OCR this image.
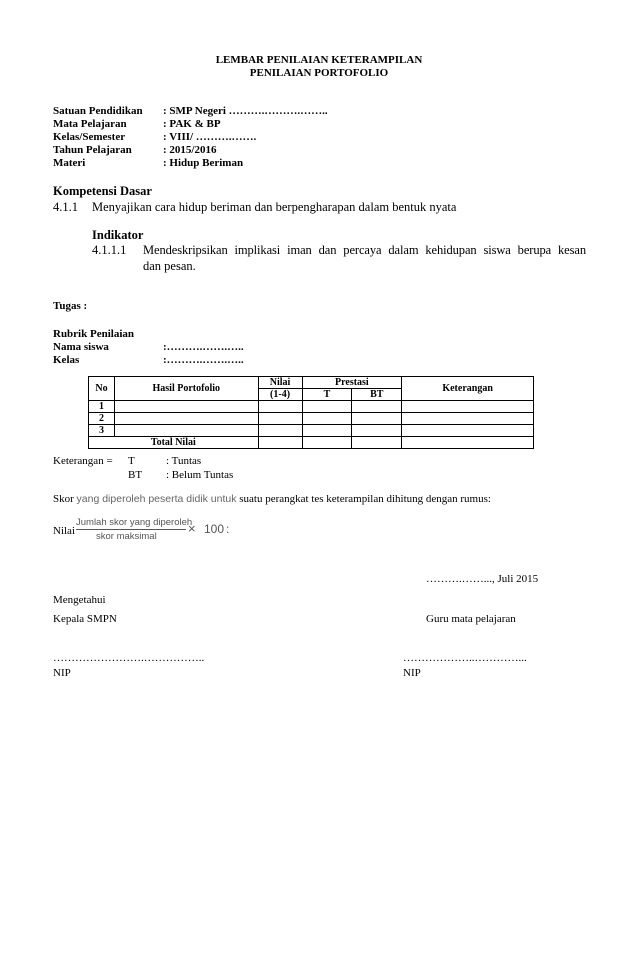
LEMBAR PENILAIAN KETERAMPILAN
PENILAIAN PORTOFOLIO
Satuan Pendidikan : SMP Negeri ……….……….……..
Mata Pelajaran	: PAK & BP
Kelas/Semester	: VIII/ ……….…….
Tahun Pelajaran	: 2015/2016
Materi	: Hidup Beriman
Kompetensi Dasar
4.1.1 Menyajikan cara hidup beriman dan berpengharapan dalam bentuk nyata
Indikator
4.1.1.1 Mendeskripsikan implikasi iman dan percaya dalam kehidupan siswa berupa kesan
dan pesan.
Tugas :
Rubrik Penilaian
Nama siswa	:……….…….…..
Kelas	:……….…….…..
No	Hasil Portofolio	Nilai	Prestasi		Keterangan
		(1-4)	T	BT	
1					
2					
3					
Total Nilai					
Keterangan = T	: Tuntas
BT : Belum Tuntas
Skor yang diperoleh peserta didik untuk suatu perangkat tes keterampilan dihitung dengan rumus:
Nilai
Jumlah skor yang diperoleh
skor maksimal
× 100 :
……….……..., Juli 2015
Mengetahui
Kepala SMPN	Guru mata pelajaran
…………………….……………..	………………..…………...
NIP	NIP
